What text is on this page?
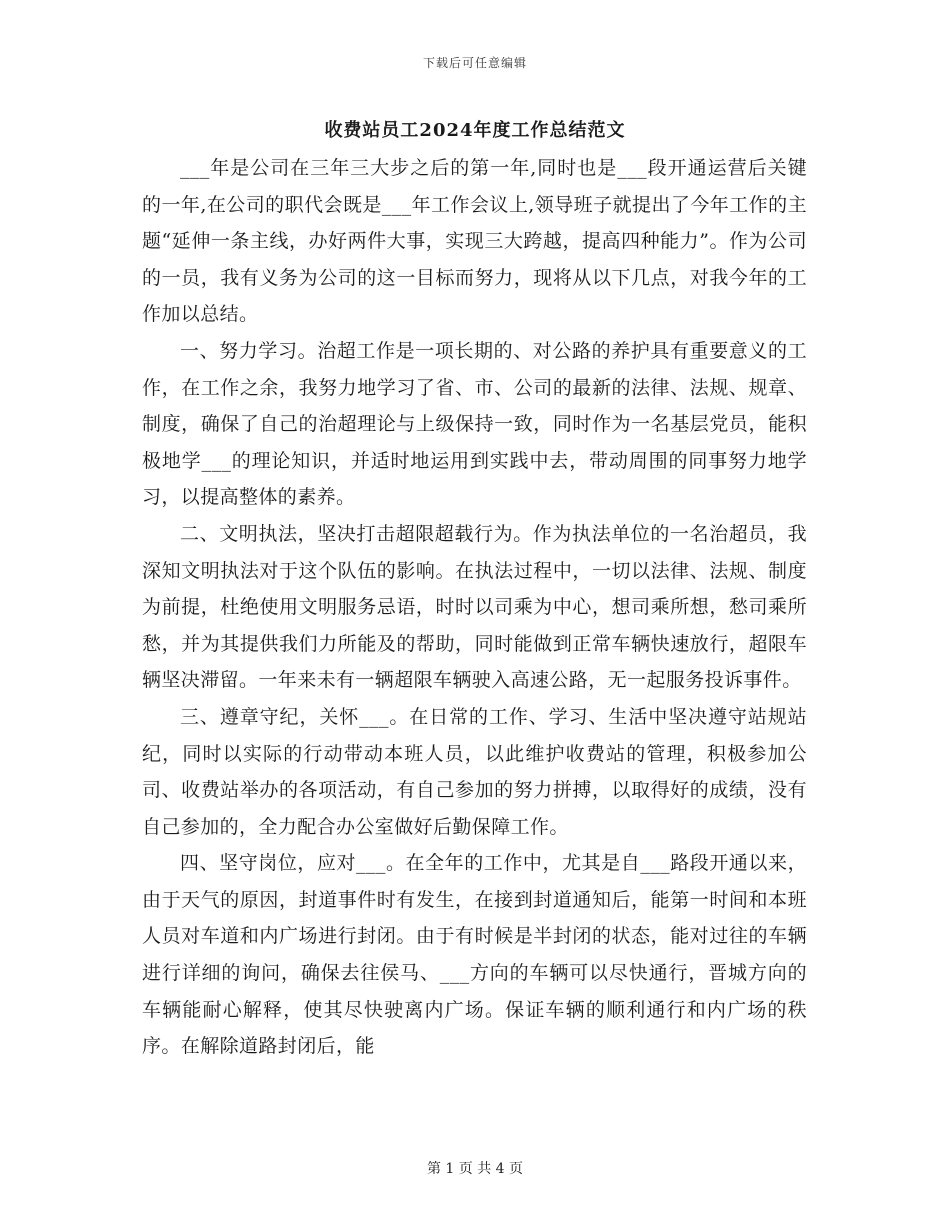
下载后可任意编辑
收费站员工2024年度工作总结范文

___年是公司在三年三大步之后的第一年,同时也是___段开通运营后关键的一年,在公司的职代会既是___年工作会议上,领导班子就提出了今年工作的主题“延伸一条主线，办好两件大事，实现三大跨越，提高四种能力”。作为公司的一员，我有义务为公司的这一目标而努力，现将从以下几点，对我今年的工作加以总结。

一、努力学习。治超工作是一项长期的、对公路的养护具有重要意义的工作，在工作之余，我努力地学习了省、市、公司的最新的法律、法规、规章、制度，确保了自己的治超理论与上级保持一致，同时作为一名基层党员，能积极地学___的理论知识，并适时地运用到实践中去，带动周围的同事努力地学习，以提高整体的素养。

二、文明执法，坚决打击超限超载行为。作为执法单位的一名治超员，我深知文明执法对于这个队伍的影响。在执法过程中，一切以法律、法规、制度为前提，杜绝使用文明服务忌语，时时以司乘为中心，想司乘所想，愁司乘所愁，并为其提供我们力所能及的帮助，同时能做到正常车辆快速放行，超限车辆坚决滞留。一年来未有一辆超限车辆驶入高速公路，无一起服务投诉事件。

三、遵章守纪，关怀___。在日常的工作、学习、生活中坚决遵守站规站纪，同时以实际的行动带动本班人员，以此维护收费站的管理，积极参加公司、收费站举办的各项活动，有自己参加的努力拼搏，以取得好的成绩，没有自己参加的，全力配合办公室做好后勤保障工作。

四、坚守岗位，应对___。在全年的工作中，尤其是自___路段开通以来，由于天气的原因，封道事件时有发生，在接到封道通知后，能第一时间和本班人员对车道和内广场进行封闭。由于有时候是半封闭的状态，能对过往的车辆进行详细的询问，确保去往侯马、___方向的车辆可以尽快通行，晋城方向的车辆能耐心解释，使其尽快驶离内广场。保证车辆的顺利通行和内广场的秩序。在解除道路封闭后，能

第 1 页 共 4 页
